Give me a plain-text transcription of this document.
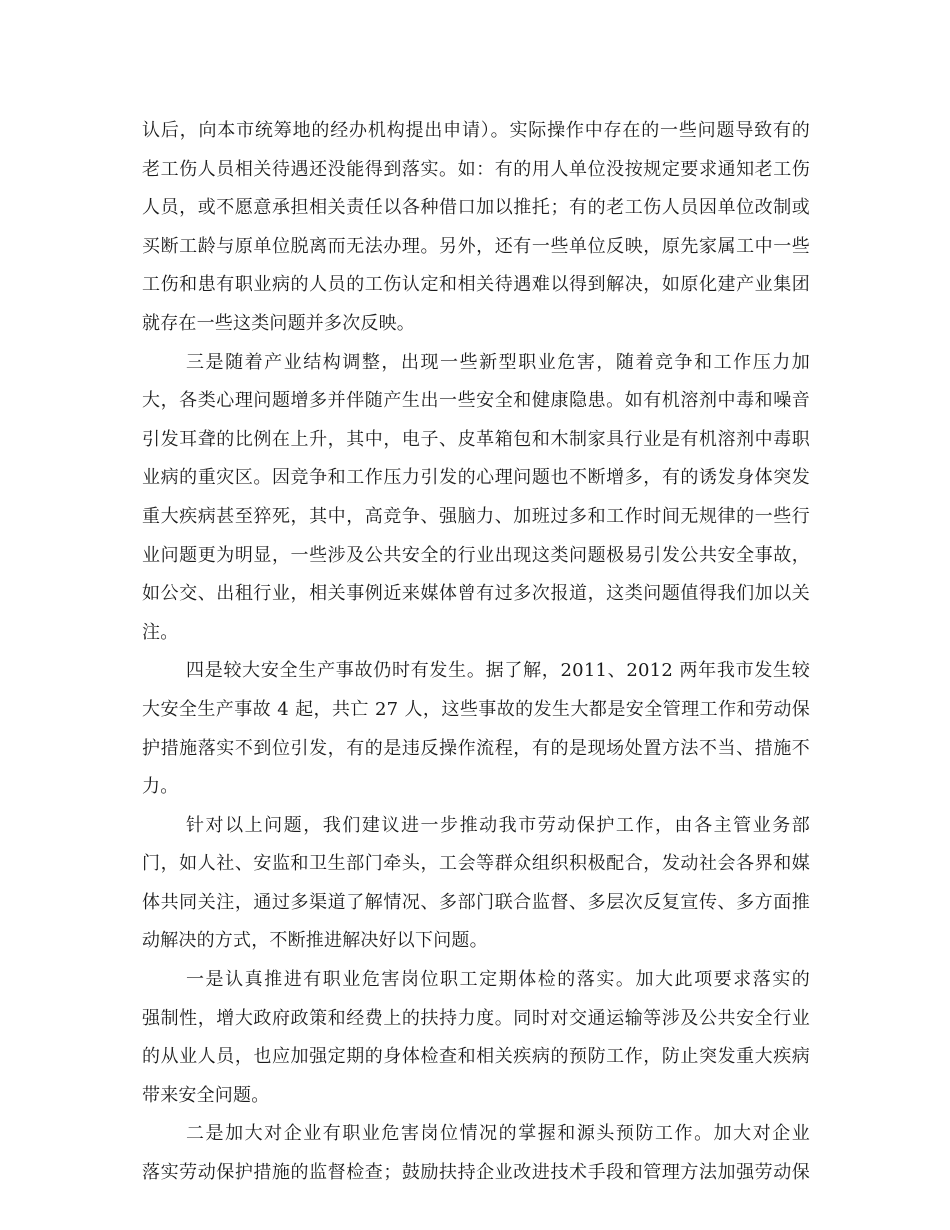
认后，向本市统筹地的经办机构提出申请）。实际操作中存在的一些问题导致有的
老工伤人员相关待遇还没能得到落实。如：有的用人单位没按规定要求通知老工伤
人员，或不愿意承担相关责任以各种借口加以推托；有的老工伤人员因单位改制或
买断工龄与原单位脱离而无法办理。另外，还有一些单位反映，原先家属工中一些
工伤和患有职业病的人员的工伤认定和相关待遇难以得到解决，如原化建产业集团
就存在一些这类问题并多次反映。
三是随着产业结构调整，出现一些新型职业危害，随着竞争和工作压力加
大，各类心理问题增多并伴随产生出一些安全和健康隐患。如有机溶剂中毒和噪音
引发耳聋的比例在上升，其中，电子、皮革箱包和木制家具行业是有机溶剂中毒职
业病的重灾区。因竞争和工作压力引发的心理问题也不断增多，有的诱发身体突发
重大疾病甚至猝死，其中，高竞争、强脑力、加班过多和工作时间无规律的一些行
业问题更为明显，一些涉及公共安全的行业出现这类问题极易引发公共安全事故，
如公交、出租行业，相关事例近来媒体曾有过多次报道，这类问题值得我们加以关
注。
四是较大安全生产事故仍时有发生。据了解，2011、2012 两年我市发生较
大安全生产事故 4 起，共亡 27 人，这些事故的发生大都是安全管理工作和劳动保
护措施落实不到位引发，有的是违反操作流程，有的是现场处置方法不当、措施不
力。
针对以上问题，我们建议进一步推动我市劳动保护工作，由各主管业务部
门，如人社、安监和卫生部门牵头，工会等群众组织积极配合，发动社会各界和媒
体共同关注，通过多渠道了解情况、多部门联合监督、多层次反复宣传、多方面推
动解决的方式，不断推进解决好以下问题。
一是认真推进有职业危害岗位职工定期体检的落实。加大此项要求落实的
强制性，增大政府政策和经费上的扶持力度。同时对交通运输等涉及公共安全行业
的从业人员，也应加强定期的身体检查和相关疾病的预防工作，防止突发重大疾病
带来安全问题。
二是加大对企业有职业危害岗位情况的掌握和源头预防工作。加大对企业
落实劳动保护措施的监督检查；鼓励扶持企业改进技术手段和管理方法加强劳动保
